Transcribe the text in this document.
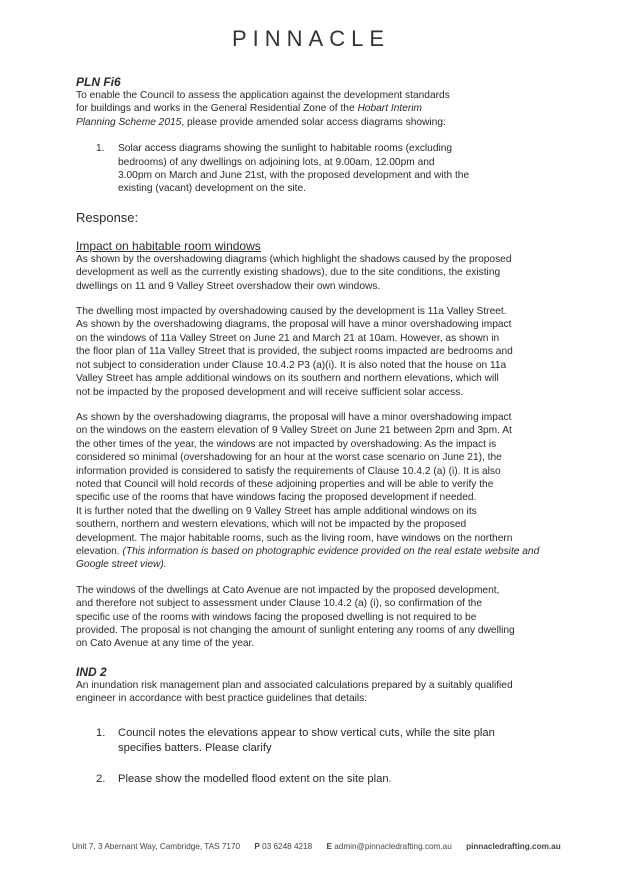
PINNACLE

PLN Fi6

To enable the Council to assess the application against the development standards

for buildings and works in the General Residential Zone of the Hobart Interim

Planning Scheme 2015, please provide amended solar access diagrams showing:

1.	Solar access diagrams showing the sunlight to habitable rooms (excluding

bedrooms) of any dwellings on adjoining lots, at 9.00am, 12.00pm and

3.00pm on March and June 21st, with the proposed development and with the

existing (vacant) development on the site.

Response:

Impact on habitable room windows

As shown by the overshadowing diagrams (which highlight the shadows caused by the proposed

development as well as the currently existing shadows), due to the site conditions, the existing

dwellings on 11 and 9 Valley Street overshadow their own windows.

The dwelling most impacted by overshadowing caused by the development is 11a Valley Street.

As shown by the overshadowing diagrams, the proposal will have a minor overshadowing impact

on the windows of 11a Valley Street on June 21 and March 21 at 10am. However, as shown in

the floor plan of 11a Valley Street that is provided, the subject rooms impacted are bedrooms and

not subject to consideration under Clause 10.4.2 P3 (a)(i). It is also noted that the house on 11a

Valley Street has ample additional windows on its southern and northern elevations, which will

not be impacted by the proposed development and will receive sufficient solar access.

As shown by the overshadowing diagrams, the proposal will have a minor overshadowing impact

on the windows on the eastern elevation of 9 Valley Street on June 21 between 2pm and 3pm. At

the other times of the year, the windows are not impacted by overshadowing. As the impact is

considered so minimal (overshadowing for an hour at the worst case scenario on June 21), the

information provided is considered to satisfy the requirements of Clause 10.4.2 (a) (i). It is also

noted that Council will hold records of these adjoining properties and will be able to verify the

specific use of the rooms that have windows facing the proposed development if needed.

It is further noted that the dwelling on 9 Valley Street has ample additional windows on its

southern, northern and western elevations, which will not be impacted by the proposed

development. The major habitable rooms, such as the living room, have windows on the northern

elevation. (This information is based on photographic evidence provided on the real estate website and

Google street view).

The windows of the dwellings at Cato Avenue are not impacted by the proposed development,

and therefore not subject to assessment under Clause 10.4.2 (a) (i), so confirmation of the

specific use of the rooms with windows facing the proposed dwelling is not required to be

provided. The proposal is not changing the amount of sunlight entering any rooms of any dwelling

on Cato Avenue at any time of the year.

IND 2

An inundation risk management plan and associated calculations prepared by a suitably qualified

engineer in accordance with best practice guidelines that details:

1.	Council notes the elevations appear to show vertical cuts, while the site plan

specifies batters. Please clarify

2.	Please show the modelled flood extent on the site plan.

Unit 7, 3 Abernant Way, Cambridge, TAS 7170 P 03 6248 4218 E admin@pinnacledrafting.com.au pinnacledrafting.com.au
